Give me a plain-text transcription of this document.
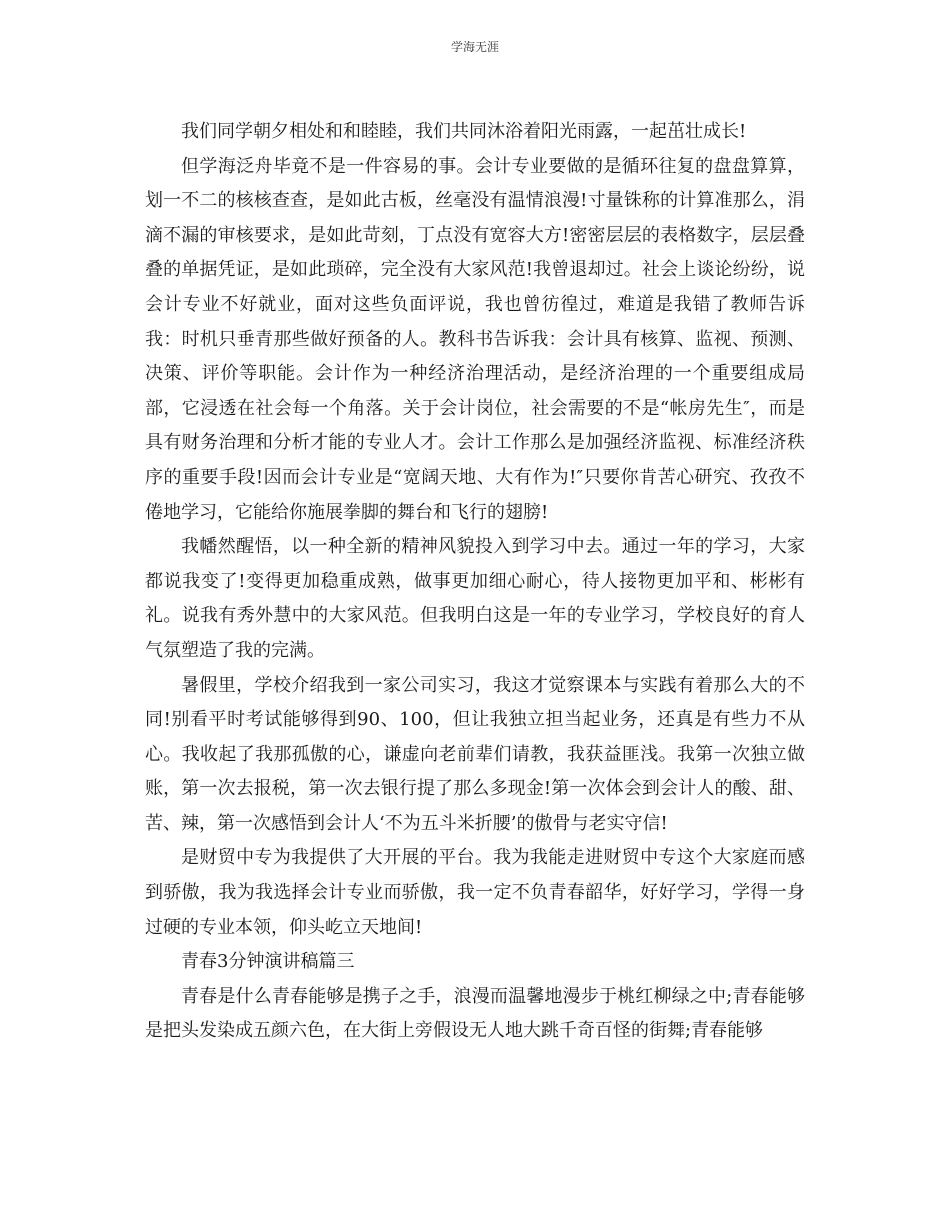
学海无涯

我们同学朝夕相处和和睦睦，我们共同沐浴着阳光雨露，一起茁壮成长!

但学海泛舟毕竟不是一件容易的事。会计专业要做的是循环往复的盘盘算算，划一不二的核核查查，是如此古板，丝毫没有温情浪漫!寸量铢称的计算准那么，涓滴不漏的审核要求，是如此苛刻，丁点没有宽容大方!密密层层的表格数字，层层叠叠的单据凭证，是如此琐碎，完全没有大家风范!我曾退却过。社会上谈论纷纷，说会计专业不好就业，面对这些负面评说，我也曾彷徨过，难道是我错了教师告诉我：时机只垂青那些做好预备的人。教科书告诉我：会计具有核算、监视、预测、决策、评价等职能。会计作为一种经济治理活动，是经济治理的一个重要组成局部，它浸透在社会每一个角落。关于会计岗位，社会需要的不是“帐房先生″，而是具有财务治理和分析才能的专业人才。会计工作那么是加强经济监视、标准经济秩序的重要手段!因而会计专业是“宽阔天地、大有作为!″只要你肯苦心研究、孜孜不倦地学习，它能给你施展拳脚的舞台和飞行的翅膀!

我幡然醒悟，以一种全新的精神风貌投入到学习中去。通过一年的学习，大家都说我变了!变得更加稳重成熟，做事更加细心耐心，待人接物更加平和、彬彬有礼。说我有秀外慧中的大家风范。但我明白这是一年的专业学习，学校良好的育人气氛塑造了我的完满。

暑假里，学校介绍我到一家公司实习，我这才觉察课本与实践有着那么大的不同!别看平时考试能够得到90、100，但让我独立担当起业务，还真是有些力不从心。我收起了我那孤傲的心，谦虚向老前辈们请教，我获益匪浅。我第一次独立做账，第一次去报税，第一次去银行提了那么多现金!第一次体会到会计人的酸、甜、苦、辣，第一次感悟到会计人‘不为五斗米折腰’的傲骨与老实守信!

是财贸中专为我提供了大开展的平台。我为我能走进财贸中专这个大家庭而感到骄傲，我为我选择会计专业而骄傲，我一定不负青春韶华，好好学习，学得一身过硬的专业本领，仰头屹立天地间!

青春3分钟演讲稿篇三

青春是什么青春能够是携子之手，浪漫而温馨地漫步于桃红柳绿之中;青春能够是把头发染成五颜六色，在大街上旁假设无人地大跳千奇百怪的街舞;青春能够
